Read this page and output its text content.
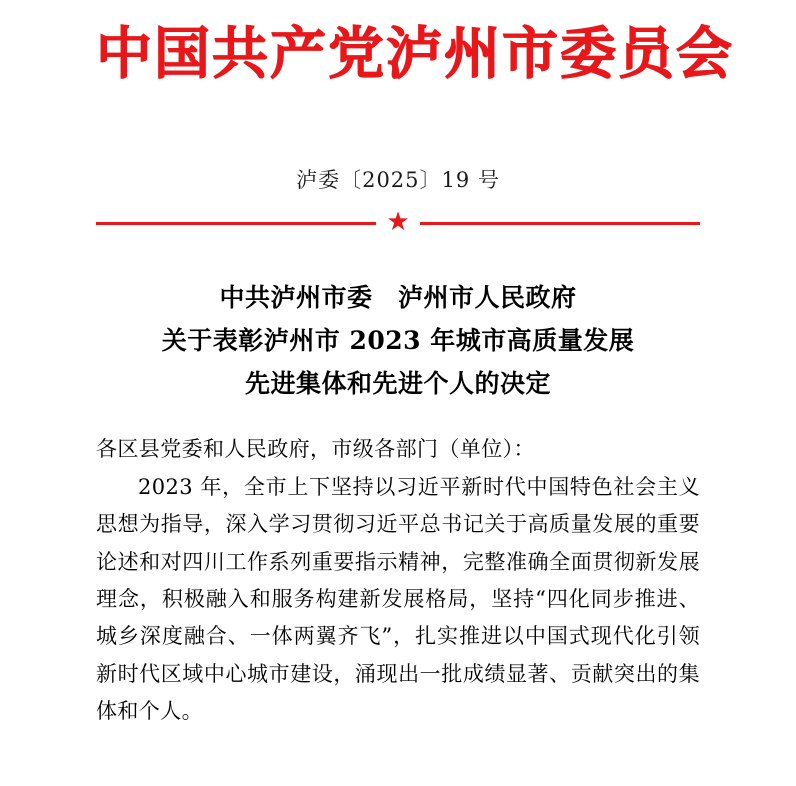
中国共产党泸州市委员会
泸委〔2025〕19 号
★
中共泸州市委　泸州市人民政府
关于表彰泸州市 2023 年城市高质量发展
先进集体和先进个人的决定

各区县党委和人民政府，市级各部门（单位）：

2023 年，全市上下坚持以习近平新时代中国特色社会主义思想为指导，深入学习贯彻习近平总书记关于高质量发展的重要论述和对四川工作系列重要指示精神，完整准确全面贯彻新发展理念，积极融入和服务构建新发展格局，坚持“四化同步推进、城乡深度融合、一体两翼齐飞”，扎实推进以中国式现代化引领新时代区域中心城市建设，涌现出一批成绩显著、贡献突出的集体和个人。
